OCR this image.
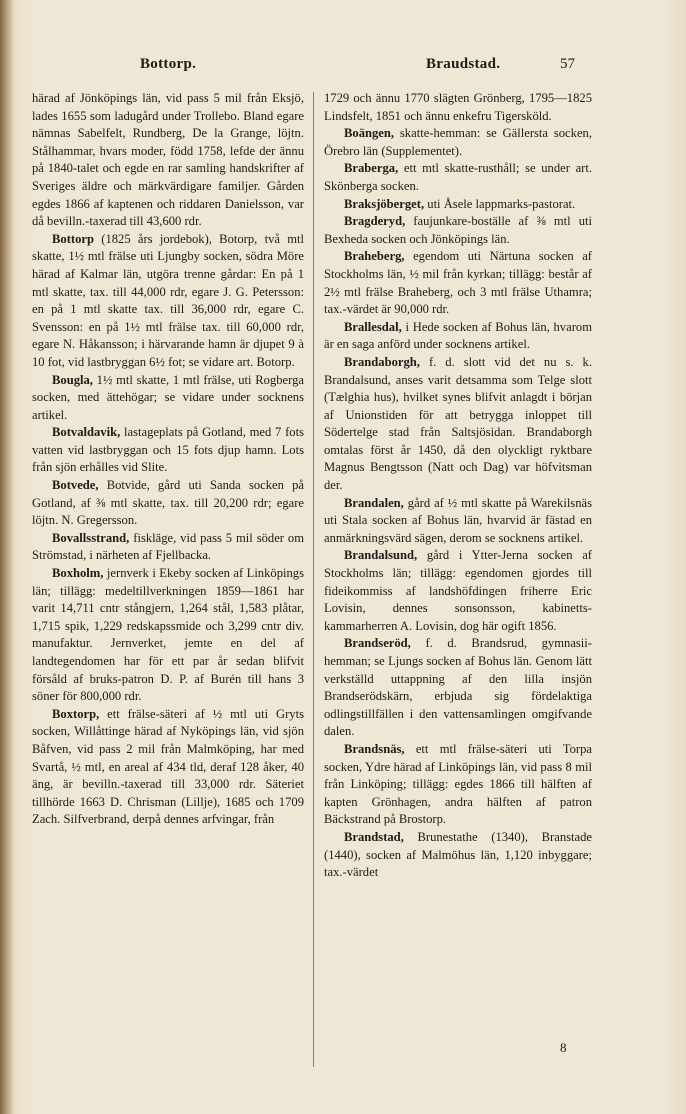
Bottorp.	Braudstad.	57

härad af Jönköpings län, vid pass 5 mil från Eksjö, lades 1655 som ladugård under Trollebo. Bland egare nämnas Sabelfelt, Rundberg, De la Grange, löjtn. Stålhammar, hvars moder, född 1758, lefde der ännu på 1840-talet och egde en rar samling handskrifter af Sveriges äldre och märkvärdigare familjer. Gården egdes 1866 af kaptenen och riddaren Danielsson, var då bevilln.-taxerad till 43,600 rdr.

Bottorp (1825 års jordebok), Botorp, två mtl skatte, 1½ mtl frälse uti Ljungby socken, södra Möre härad af Kalmar län, utgöra trenne gårdar: En på 1 mtl skatte, tax. till 44,000 rdr, egare J. G. Petersson: en på 1 mtl skatte tax. till 36,000 rdr, egare C. Svensson: en på 1½ mtl frälse tax. till 60,000 rdr, egare N. Håkansson; i härvarande hamn är djupet 9 à 10 fot, vid lastbryggan 6½ fot; se vidare art. Botorp.

Bougla, 1½ mtl skatte, 1 mtl frälse, uti Rogberga socken, med ättehögar; se vidare under socknens artikel.

Botvaldavik, lastageplats på Gotland, med 7 fots vatten vid lastbryggan och 15 fots djup hamn. Lots från sjön erhålles vid Slite.

Botvede, Botvide, gård uti Sanda socken på Gotland, af ⅜ mtl skatte, tax. till 20,200 rdr; egare löjtn. N. Gregersson.

Bovallsstrand, fiskläge, vid pass 5 mil söder om Strömstad, i närheten af Fjellbacka.

Boxholm, jernverk i Ekeby socken af Linköpings län; tillägg: medeltillverkningen 1859—1861 har varit 14,711 cntr stångjern, 1,264 stål, 1,583 plåtar, 1,715 spik, 1,229 redskapssmide och 3,299 cntr div. manufaktur. Jernverket, jemte en del af landtegendomen har för ett par år sedan blifvit försåld af bruks-patron D. P. af Burén till hans 3 söner för 800,000 rdr.

Boxtorp, ett frälse-säteri af ½ mtl uti Gryts socken, Willåttinge härad af Nyköpings län, vid sjön Båfven, vid pass 2 mil från Malmköping, har med Svartå, ½ mtl, en areal af 434 tld, deraf 128 åker, 40 äng, är bevilln.-taxerad till 33,000 rdr. Säteriet tillhörde 1663 D. Chrisman (Lillje), 1685 och 1709 Zach. Silfverbrand, derpå dennes arfvingar, från

1729 och ännu 1770 slägten Grönberg, 1795—1825 Lindsfelt, 1851 och ännu enkefru Tigersköld.

Boängen, skatte-hemman: se Gällersta socken, Örebro län (Supplementet).

Braberga, ett mtl skatte-rusthåll; se under art. Skönberga socken.

Braksjöberget, uti Åsele lappmarks-pastorat.

Bragderyd, faujunkare-boställe af ⅜ mtl uti Bexheda socken och Jönköpings län.

Braheberg, egendom uti Närtuna socken af Stockholms län, ½ mil från kyrkan; tillägg: består af 2½ mtl frälse Braheberg, och 3 mtl frälse Uthamra; tax.-värdet är 90,000 rdr.

Brallesdal, i Hede socken af Bohus län, hvarom är en saga anförd under socknens artikel.

Brandaborgh, f. d. slott vid det nu s. k. Brandalsund, anses varit detsamma som Telge slott (Tælghia hus), hvilket synes blifvit anlagdt i början af Unionstiden för att betrygga inloppet till Södertelge stad från Saltsjösidan. Brandaborgh omtalas först år 1450, då den olyckligt ryktbare Magnus Bengtsson (Natt och Dag) var höfvitsman der.

Brandalen, gård af ½ mtl skatte på Warekilsnäs uti Stala socken af Bohus län, hvarvid är fästad en anmärkningsvärd sägen, derom se socknens artikel.

Brandalsund, gård i Ytter-Jerna socken af Stockholms län; tillägg: egendomen gjordes till fideikommiss af landshöfdingen friherre Eric Lovisin, dennes sonsonsson, kabinetts-kammarherren A. Lovisin, dog här ogift 1856.

Brandseröd, f. d. Brandsrud, gymnasii-hemman; se Ljungs socken af Bohus län. Genom lätt verkställd uttappning af den lilla insjön Brandserödskärn, erbjuda sig fördelaktiga odlingstillfällen i den vattensamlingen omgifvande dalen.

Brandsnäs, ett mtl frälse-säteri uti Torpa socken, Ydre härad af Linköpings län, vid pass 8 mil från Linköping; tillägg: egdes 1866 till hälften af kapten Grönhagen, andra hälften af patron Bäckstrand på Brostorp.

Brandstad, Brunestathe (1340), Branstade (1440), socken af Malmöhus län, 1,120 inbyggare; tax.-värdet

8
